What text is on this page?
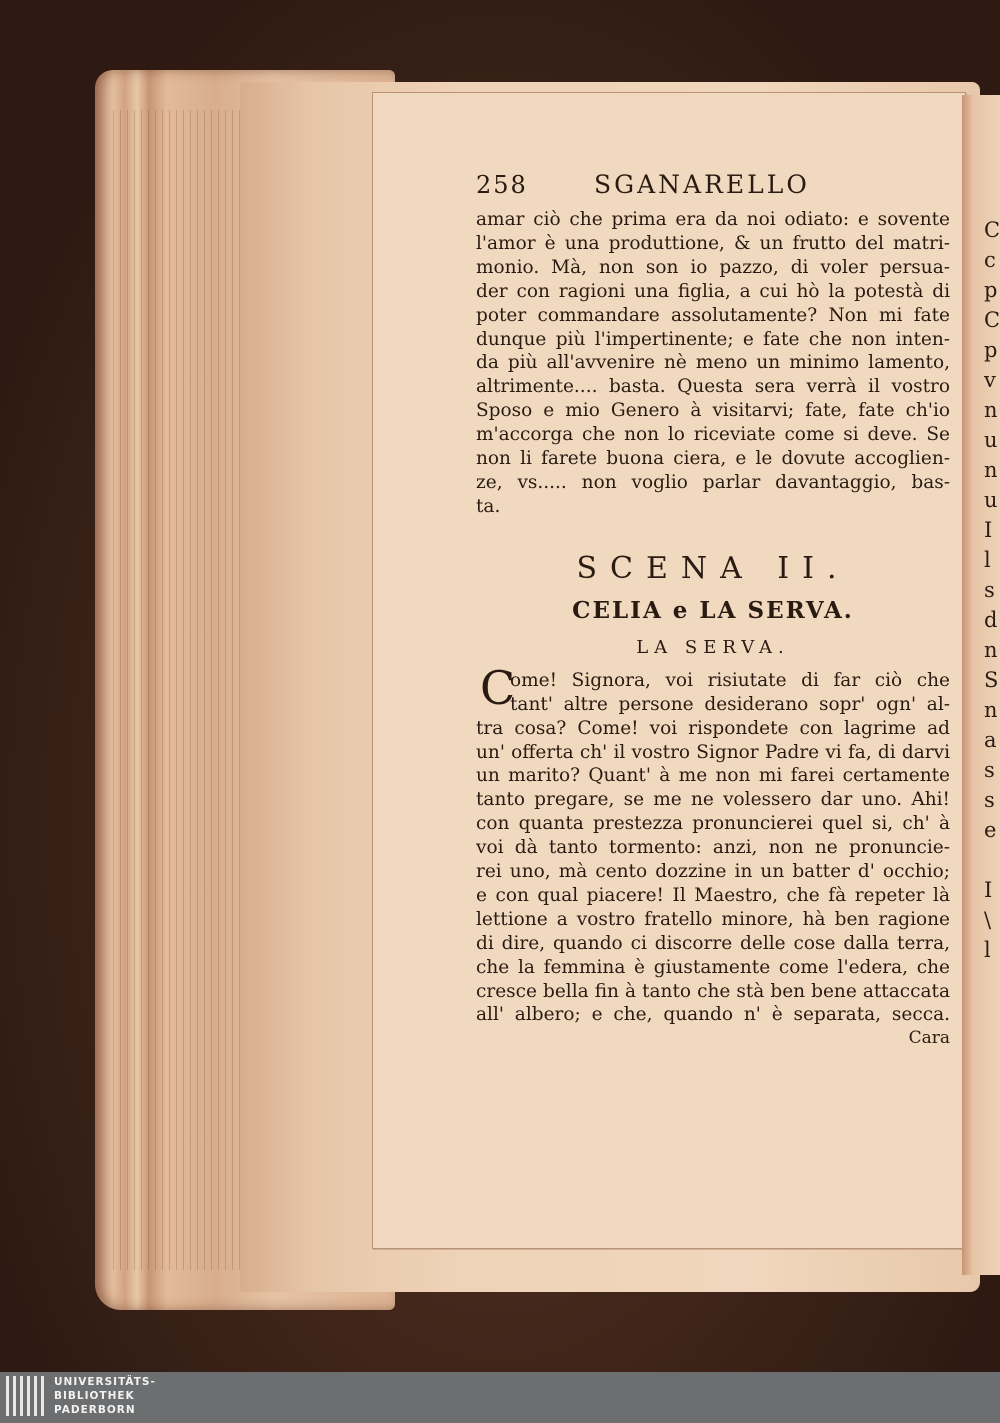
C
c
p
C
p
v
n
u
n
u
I
l
s
d
n
S
n
a
s
s
e

I
\
l
258	SGANARELLO
amar ciò che prima era da noi odiato: e sovente
l'amor è una produttione, & un frutto del matri-
monio. Mà, non son io pazzo, di voler persua-
der con ragioni una figlia, a cui hò la potestà di
poter commandare assolutamente? Non mi fate
dunque più l'impertinente; e fate che non inten-
da più all'avvenire nè meno un minimo lamento,
altrimente.... basta. Questa sera verrà il vostro
Sposo e mio Genero à visitarvi; fate, fate ch'io
m'accorga che non lo riceviate come si deve. Se
non li farete buona ciera, e le dovute accoglien-
ze, vs..... non voglio parlar davantaggio, bas-
ta.
SCENA II.
CELIA e LA SERVA.
LA SERVA.
C
ome! Signora, voi risiutate di far ciò che
tant' altre persone desiderano sopr' ogn' al-
tra cosa? Come! voi rispondete con lagrime ad
un' offerta ch' il vostro Signor Padre vi fa, di darvi
un marito? Quant' à me non mi farei certamente
tanto pregare, se me ne volessero dar uno. Ahi!
con quanta prestezza pronuncierei quel si, ch' à
voi dà tanto tormento: anzi, non ne pronuncie-
rei uno, mà cento dozzine in un batter d' occhio;
e con qual piacere! Il Maestro, che fà repeter là
lettione a vostro fratello minore, hà ben ragione
di dire, quando ci discorre delle cose dalla terra,
che la femmina è giustamente come l'edera, che
cresce bella fin à tanto che stà ben bene attaccata
all' albero; e che, quando n' è separata, secca.
Cara
UNIVERSITÄTS-
BIBLIOTHEK
PADERBORN
